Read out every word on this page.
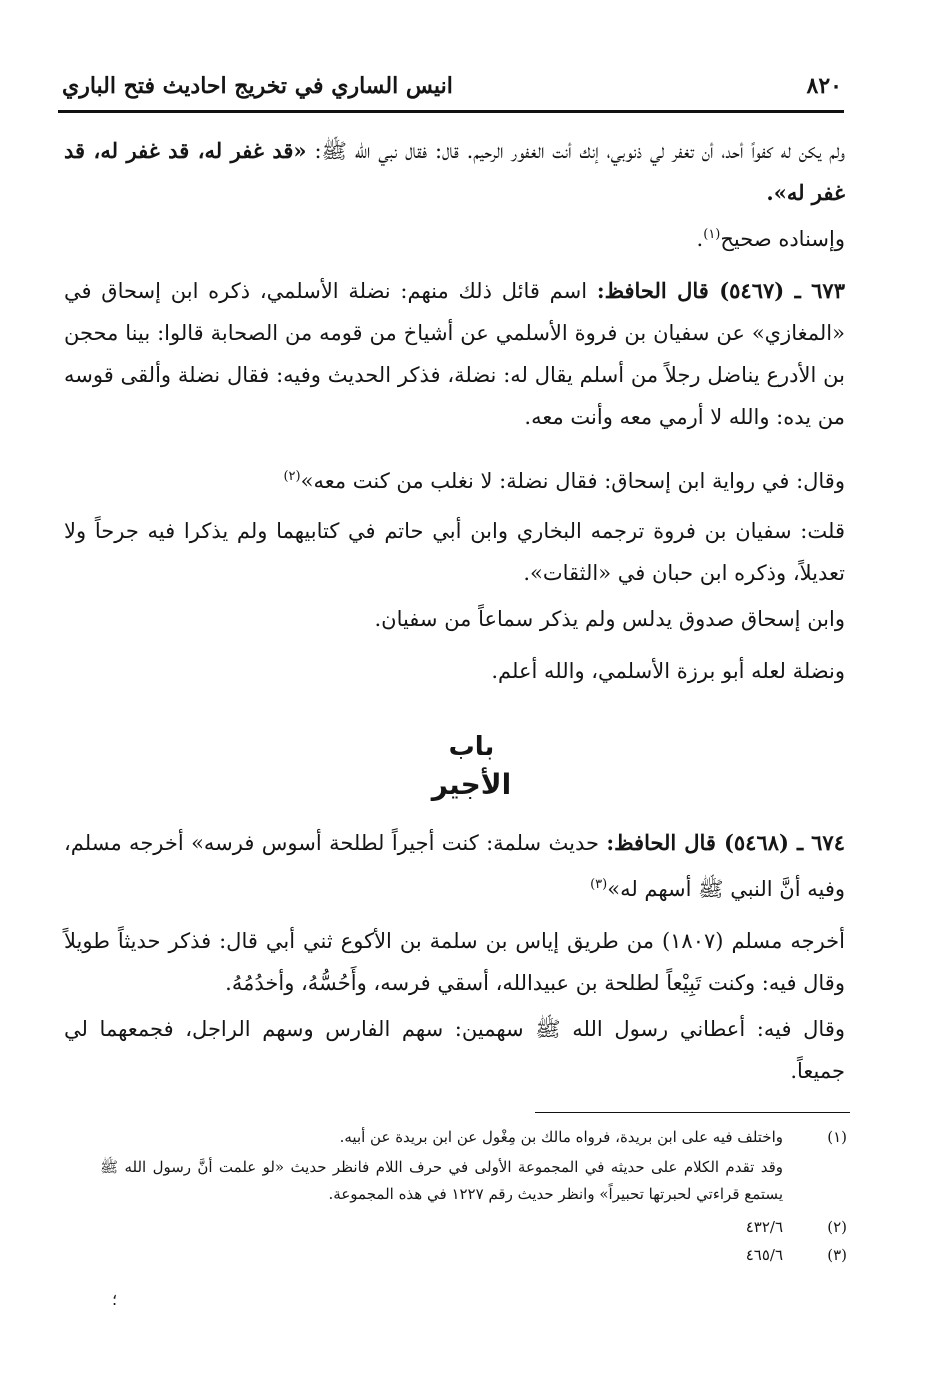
٨٢٠
انيس الساري في تخريج احاديث فتح الباري
ولم يكن له كفواً أحد، أن تغفر لي ذنوبي، إنك أنت الغفور الرحيم. قال: فقال نبي الله ﷺ: «قد غفر له، قد غفر له، قد غفر له».
وإسناده صحيح$^{(١)}$.
٦٧٣ ـ (٥٤٦٧) قال الحافظ: اسم قائل ذلك منهم: نضلة الأسلمي، ذكره ابن إسحاق في «المغازي» عن سفيان بن فروة الأسلمي عن أشياخ من قومه من الصحابة قالوا: بينا محجن بن الأدرع يناضل رجلاً من أسلم يقال له: نضلة، فذكر الحديث وفيه: فقال نضلة وألقى قوسه من يده: والله لا أرمي معه وأنت معه.
وقال: في رواية ابن إسحاق: فقال نضلة: لا نغلب من كنت معه»$^{(٢)}$
قلت: سفيان بن فروة ترجمه البخاري وابن أبي حاتم في كتابيهما ولم يذكرا فيه جرحاً ولا تعديلاً، وذكره ابن حبان في «الثقات».
وابن إسحاق صدوق يدلس ولم يذكر سماعاً من سفيان.
ونضلة لعله أبو برزة الأسلمي، والله أعلم.
باب
الأجير
٦٧٤ ـ (٥٤٦٨) قال الحافظ: حديث سلمة: كنت أجيراً لطلحة أسوس فرسه» أخرجه مسلم، وفيه أنَّ النبي ﷺ أسهم له»$^{(٣)}$
أخرجه مسلم (١٨٠٧) من طريق إياس بن سلمة بن الأكوع ثني أبي قال: فذكر حديثاً طويلاً وقال فيه: وكنت تَبِيْعاً لطلحة بن عبيدالله، أسقي فرسه، وأَحُسُّهُ، وأخدُمُهُ.
وقال فيه: أعطاني رسول الله ﷺ سهمين: سهم الفارس وسهم الراجل، فجمعهما لي جميعاً.
(١)
واختلف فيه على ابن بريدة، فرواه مالك بن مِغْول عن ابن بريدة عن أبيه.
وقد تقدم الكلام على حديثه في المجموعة الأولى في حرف اللام فانظر حديث «لو علمت أنَّ رسول الله ﷺ يستمع قراءتي لحبرتها تحبيراً» وانظر حديث رقم ١٢٢٧ في هذه المجموعة.
(٢)
٤٣٢/٦
(٣)
٤٦٥/٦
؛
